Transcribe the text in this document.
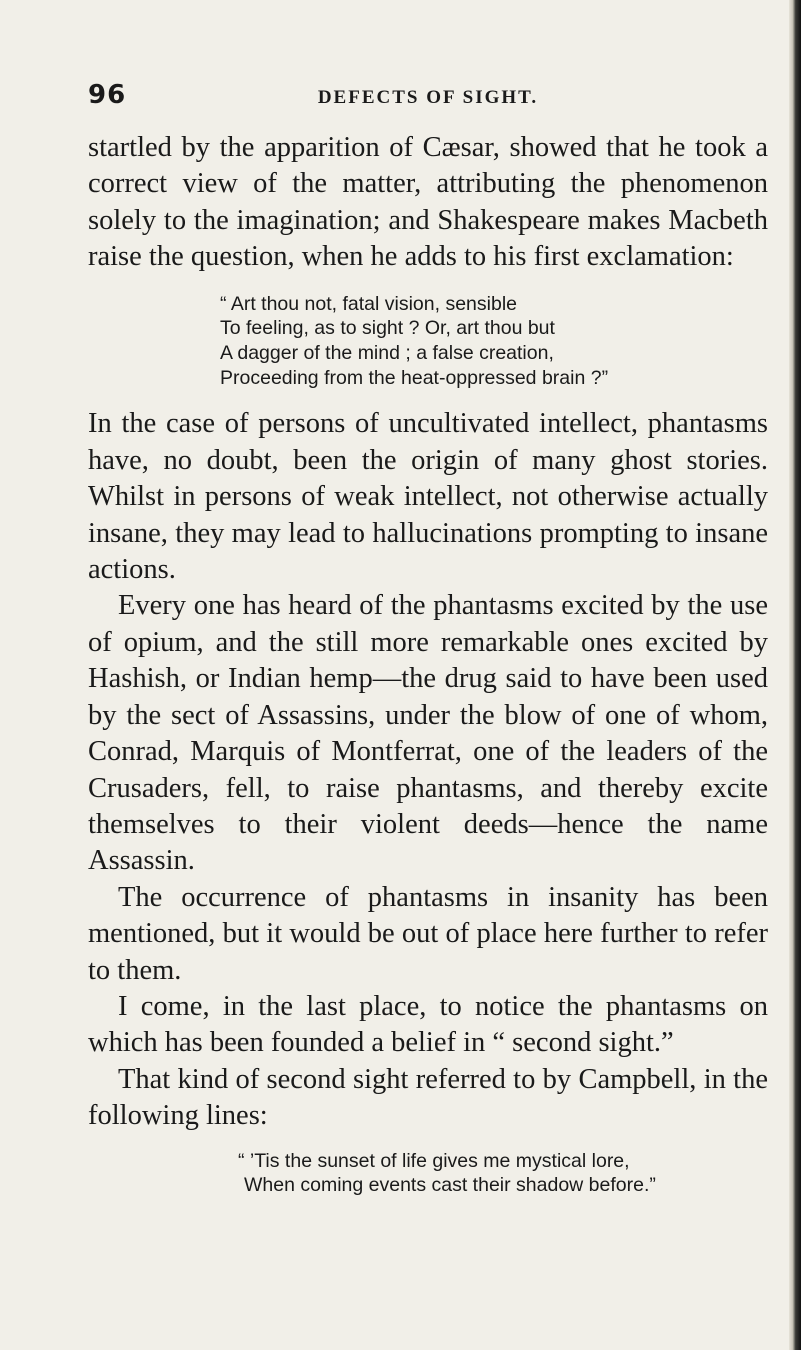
96	DEFECTS OF SIGHT.

startled by the apparition of Cæsar, showed that he took a correct view of the matter, attributing the phenomenon solely to the imagination; and Shakespeare makes Macbeth raise the question, when he adds to his first exclamation:

“ Art thou not, fatal vision, sensible
To feeling, as to sight ? Or, art thou but
A dagger of the mind ; a false creation,
Proceeding from the heat-oppressed brain ?”

In the case of persons of uncultivated intellect, phantasms have, no doubt, been the origin of many ghost stories. Whilst in persons of weak intellect, not otherwise actually insane, they may lead to hallucinations prompting to insane actions.

Every one has heard of the phantasms excited by the use of opium, and the still more remarkable ones excited by Hashish, or Indian hemp—the drug said to have been used by the sect of Assassins, under the blow of one of whom, Conrad, Marquis of Montferrat, one of the leaders of the Crusaders, fell, to raise phantasms, and thereby excite themselves to their violent deeds—hence the name Assassin.

The occurrence of phantasms in insanity has been mentioned, but it would be out of place here further to refer to them.

I come, in the last place, to notice the phantasms on which has been founded a belief in “ second sight.”

That kind of second sight referred to by Campbell, in the following lines:

“ ’Tis the sunset of life gives me mystical lore,
When coming events cast their shadow before.”
